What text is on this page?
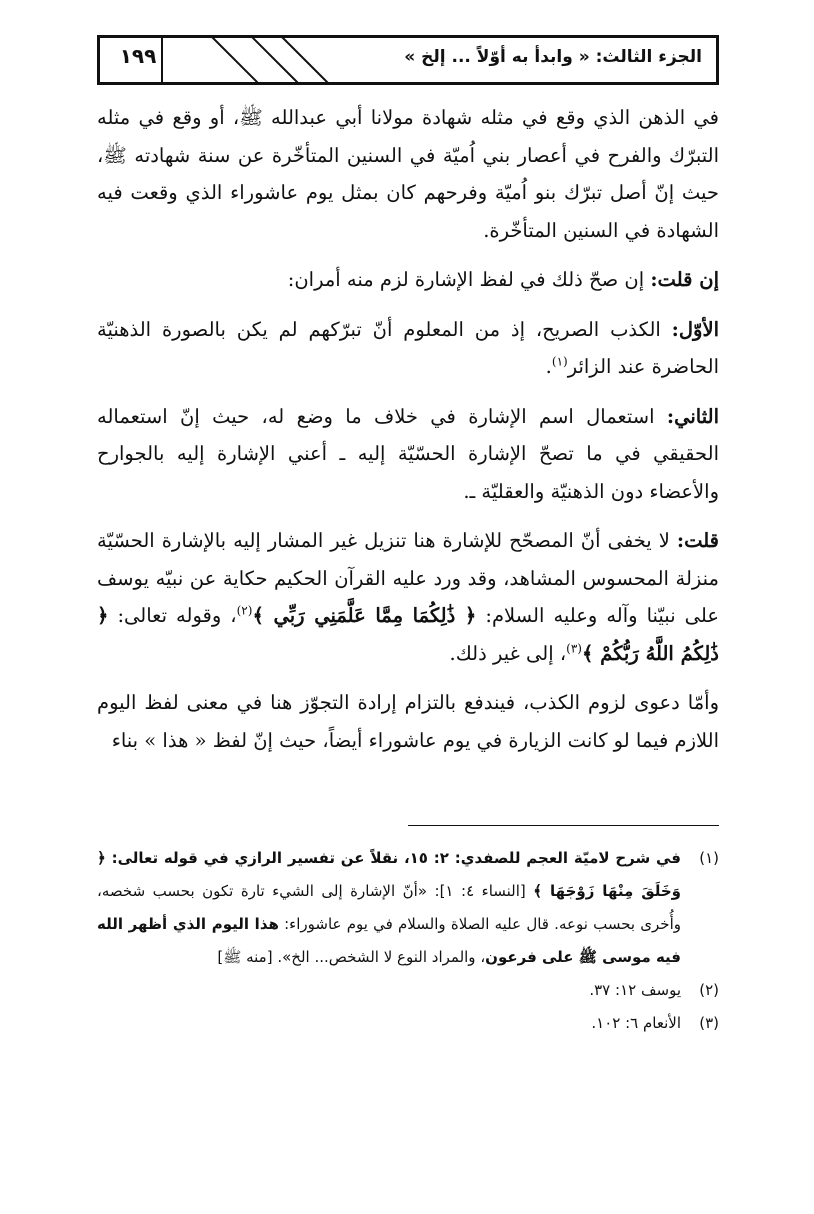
١٩٩	الجزء الثالث: « وابدأ به أوّلاً ... إلخ »

في الذهن الذي وقع في مثله شهادة مولانا أبي عبدالله ﷺ، أو وقع في مثله التبرّك والفرح في أعصار بني اُميّة في السنين المتأخّرة عن سنة شهادته ﷺ، حيث إنّ أصل تبرّك بنو اُميّة وفرحهم كان بمثل يوم عاشوراء الذي وقعت فيه الشهادة في السنين المتأخّرة.

إن قلت: إن صحّ ذلك في لفظ الإشارة لزم منه أمران:

الأوّل: الكذب الصريح، إذ من المعلوم أنّ تبرّكهم لم يكن بالصورة الذهنيّة الحاضرة عند الزائر$^{(١)}$.

الثاني: استعمال اسم الإشارة في خلاف ما وضع له، حيث إنّ استعماله الحقيقي في ما تصحّ الإشارة الحسّيّة إليه ـ أعني الإشارة إليه بالجوارح والأعضاء دون الذهنيّة والعقليّة ـ.

قلت: لا يخفى أنّ المصحّح للإشارة هنا تنزيل غير المشار إليه بالإشارة الحسّيّة منزلة المحسوس المشاهد، وقد ورد عليه القرآن الحكيم حكاية عن نبيّه يوسف على نبيّنا وآله وعليه السلام: ﴿ ذَٰلِكُمَا مِمَّا عَلَّمَنِي رَبِّي ﴾$^{(٢)}$، وقوله تعالى: ﴿ ذَٰلِكُمُ اللَّهُ رَبُّكُمْ ﴾$^{(٣)}$، إلى غير ذلك.

وأمّا دعوى لزوم الكذب، فيندفع بالتزام إرادة التجوّز هنا في معنى لفظ اليوم اللازم فيما لو كانت الزيارة في يوم عاشوراء أيضاً، حيث إنّ لفظ « هذا » بناء

(١)
في شرح لاميّة العجم للصفدي: ٢: ١٥، نقلاً عن تفسير الرازي في قوله تعالى: ﴿ وَخَلَقَ مِنْهَا زَوْجَهَا ﴾ [النساء ٤: ١]: «أنّ الإشارة إلى الشيء تارة تكون بحسب شخصه، وأُخرى بحسب نوعه. قال عليه الصلاة والسلام في يوم عاشوراء: هذا اليوم الذي أظهر الله فيه موسى ﷺ على فرعون، والمراد النوع لا الشخص... الخ». [منه ﷺ]
(٢)
يوسف ١٢: ٣٧.
(٣)
الأنعام ٦: ١٠٢.
